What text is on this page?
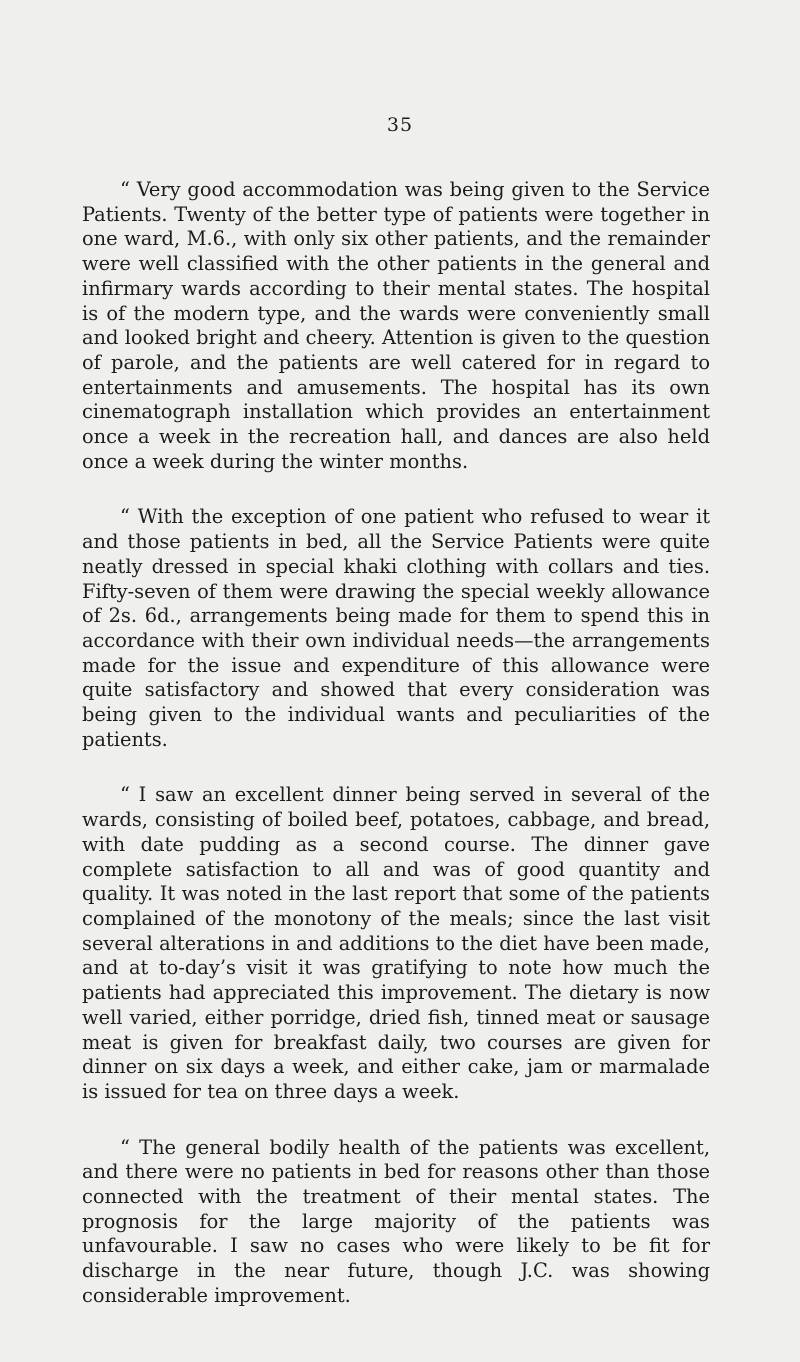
35

“ Very good accommodation was being given to the Service Patients. Twenty of the better type of patients were together in one ward, M.6., with only six other patients, and the remainder were well classified with the other patients in the general and infirmary wards according to their mental states. The hospital is of the modern type, and the wards were conveniently small and looked bright and cheery. Attention is given to the question of parole, and the patients are well catered for in regard to entertainments and amusements. The hospital has its own cinematograph installation which provides an entertainment once a week in the recreation hall, and dances are also held once a week during the winter months.

“ With the exception of one patient who refused to wear it and those patients in bed, all the Service Patients were quite neatly dressed in special khaki clothing with collars and ties. Fifty-seven of them were drawing the special weekly allowance of 2s. 6d., arrangements being made for them to spend this in accordance with their own individual needs—the arrangements made for the issue and expenditure of this allowance were quite satisfactory and showed that every consideration was being given to the individual wants and peculiarities of the patients.

“ I saw an excellent dinner being served in several of the wards, consisting of boiled beef, potatoes, cabbage, and bread, with date pudding as a second course. The dinner gave complete satisfaction to all and was of good quantity and quality. It was noted in the last report that some of the patients complained of the monotony of the meals; since the last visit several alterations in and additions to the diet have been made, and at to-day’s visit it was gratifying to note how much the patients had appreciated this improvement. The dietary is now well varied, either porridge, dried fish, tinned meat or sausage meat is given for breakfast daily, two courses are given for dinner on six days a week, and either cake, jam or marmalade is issued for tea on three days a week.

“ The general bodily health of the patients was excellent, and there were no patients in bed for reasons other than those connected with the treatment of their mental states. The prognosis for the large majority of the patients was unfavourable. I saw no cases who were likely to be fit for discharge in the near future, though J.C. was showing considerable improvement.
